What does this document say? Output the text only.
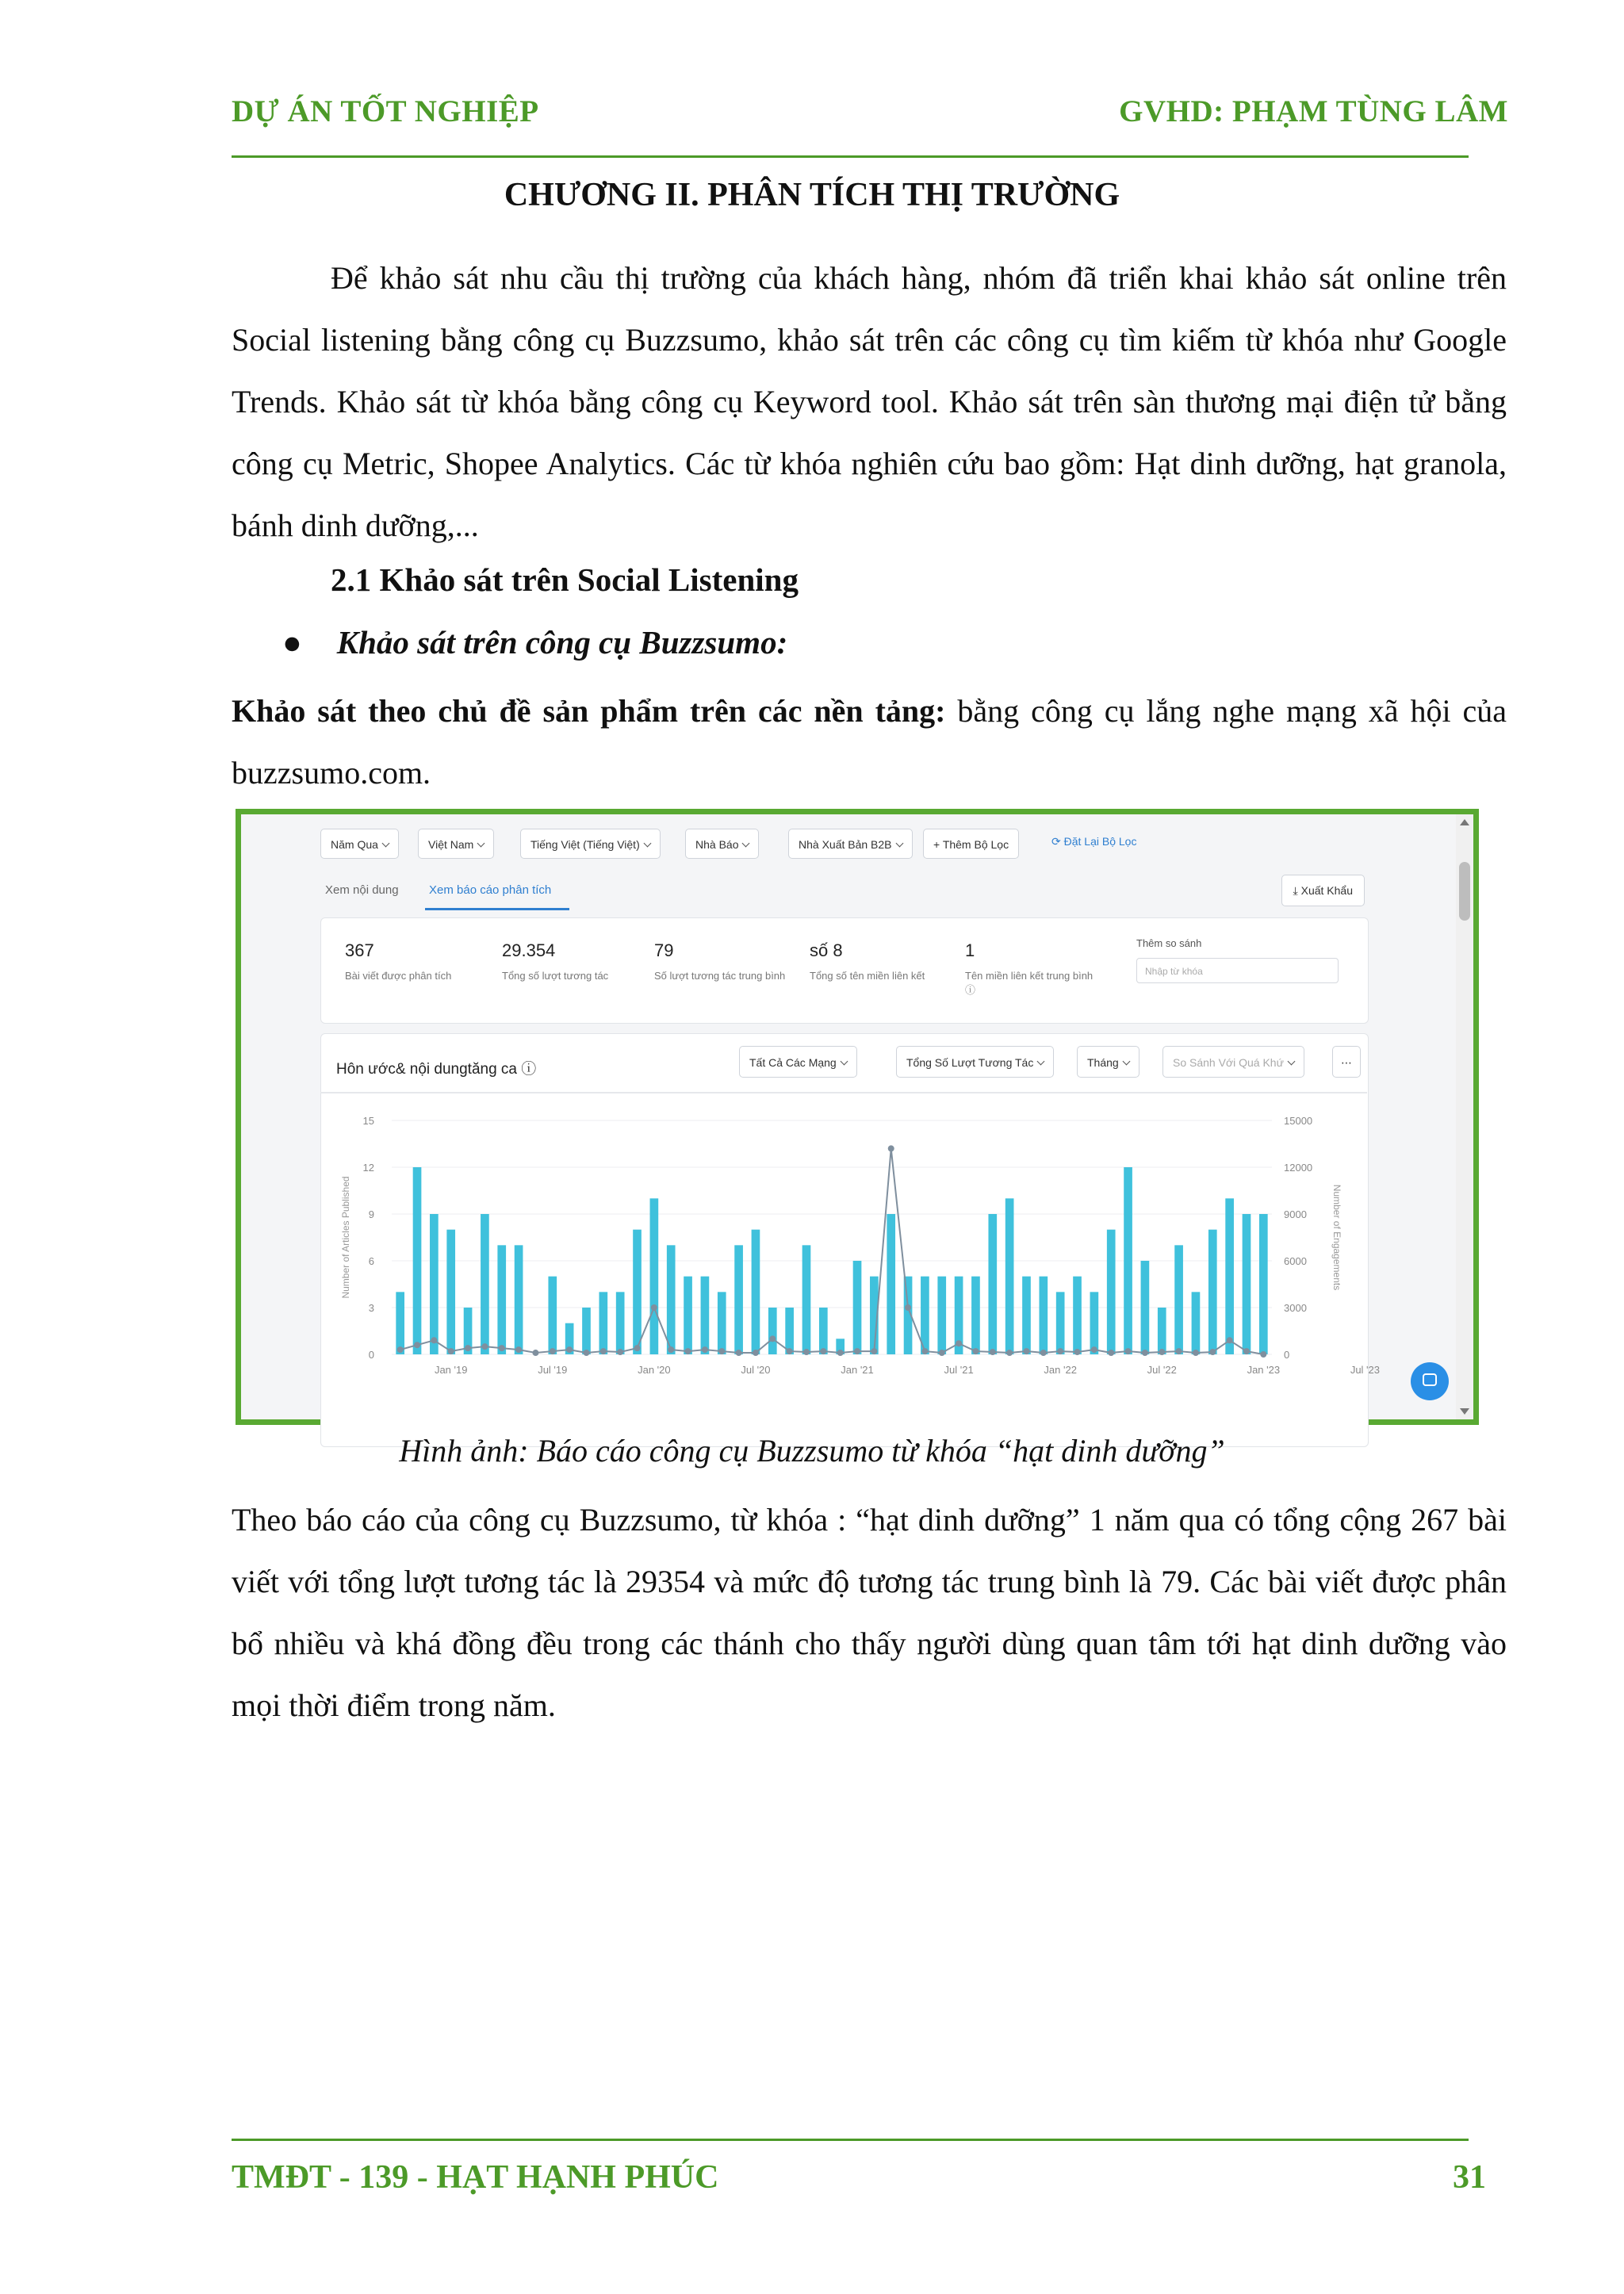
DỰ ÁN TỐT NGHIỆP	GVHD: PHẠM TÙNG LÂM
CHƯƠNG II. PHÂN TÍCH THỊ TRƯỜNG

Để khảo sát nhu cầu thị trường của khách hàng, nhóm đã triển khai khảo sát online trên Social listening bằng công cụ Buzzsumo, khảo sát trên các công cụ tìm kiếm từ khóa như Google Trends. Khảo sát từ khóa bằng công cụ Keyword tool. Khảo sát trên sàn thương mại điện tử bằng công cụ Metric, Shopee Analytics. Các từ khóa nghiên cứu bao gồm: Hạt dinh dưỡng, hạt granola, bánh dinh dưỡng,...

2.1 Khảo sát trên Social Listening
● Khảo sát trên công cụ Buzzsumo:

Khảo sát theo chủ đề sản phẩm trên các nền tảng: bằng công cụ lắng nghe mạng xã hội của buzzsumo.com.

Năm Qua	Việt Nam	Tiếng Việt (Tiếng Việt)	Nhà Báo	Nhà Xuất Bản B2B	+ Thêm Bộ Lọc	⟳ Đặt Lại Bộ Lọc
Xem nội dung	Xem báo cáo phân tích	⤓ Xuất Khẩu
367
Bài viết được phân tích
29.354
Tổng số lượt tương tác
79
Số lượt tương tác trung bình
số 8
Tổng số tên miền liên kết
1
Tên miền liên kết trung bình ⓘ
Thêm so sánh
Nhập từ khóa
Hôn ước& nội dungtăng ca ⓘ	Tất Cả Các Mạng	Tổng Số Lượt Tương Tác	Tháng	So Sánh Với Quá Khứ	⋯
15
12
9
6
3
0
15000
12000
9000
6000
3000
0
Number of Articles Published	Number of Engagements
Jan '19	Jul '19	Jan '20	Jul '20	Jan '21	Jul '21	Jan '22	Jul '22	Jan '23	Jul '23
Hình ảnh: Báo cáo công cụ Buzzsumo từ khóa “hạt dinh dưỡng”

Theo báo cáo của công cụ Buzzsumo, từ khóa : “hạt dinh dưỡng” 1 năm qua có tổng cộng 267 bài viết với tổng lượt tương tác là 29354 và mức độ tương tác trung bình là 79. Các bài viết được phân bổ nhiều và khá đồng đều trong các thánh cho thấy người dùng quan tâm tới hạt dinh dưỡng vào mọi thời điểm trong năm.

TMĐT - 139 - HẠT HẠNH PHÚC	31
